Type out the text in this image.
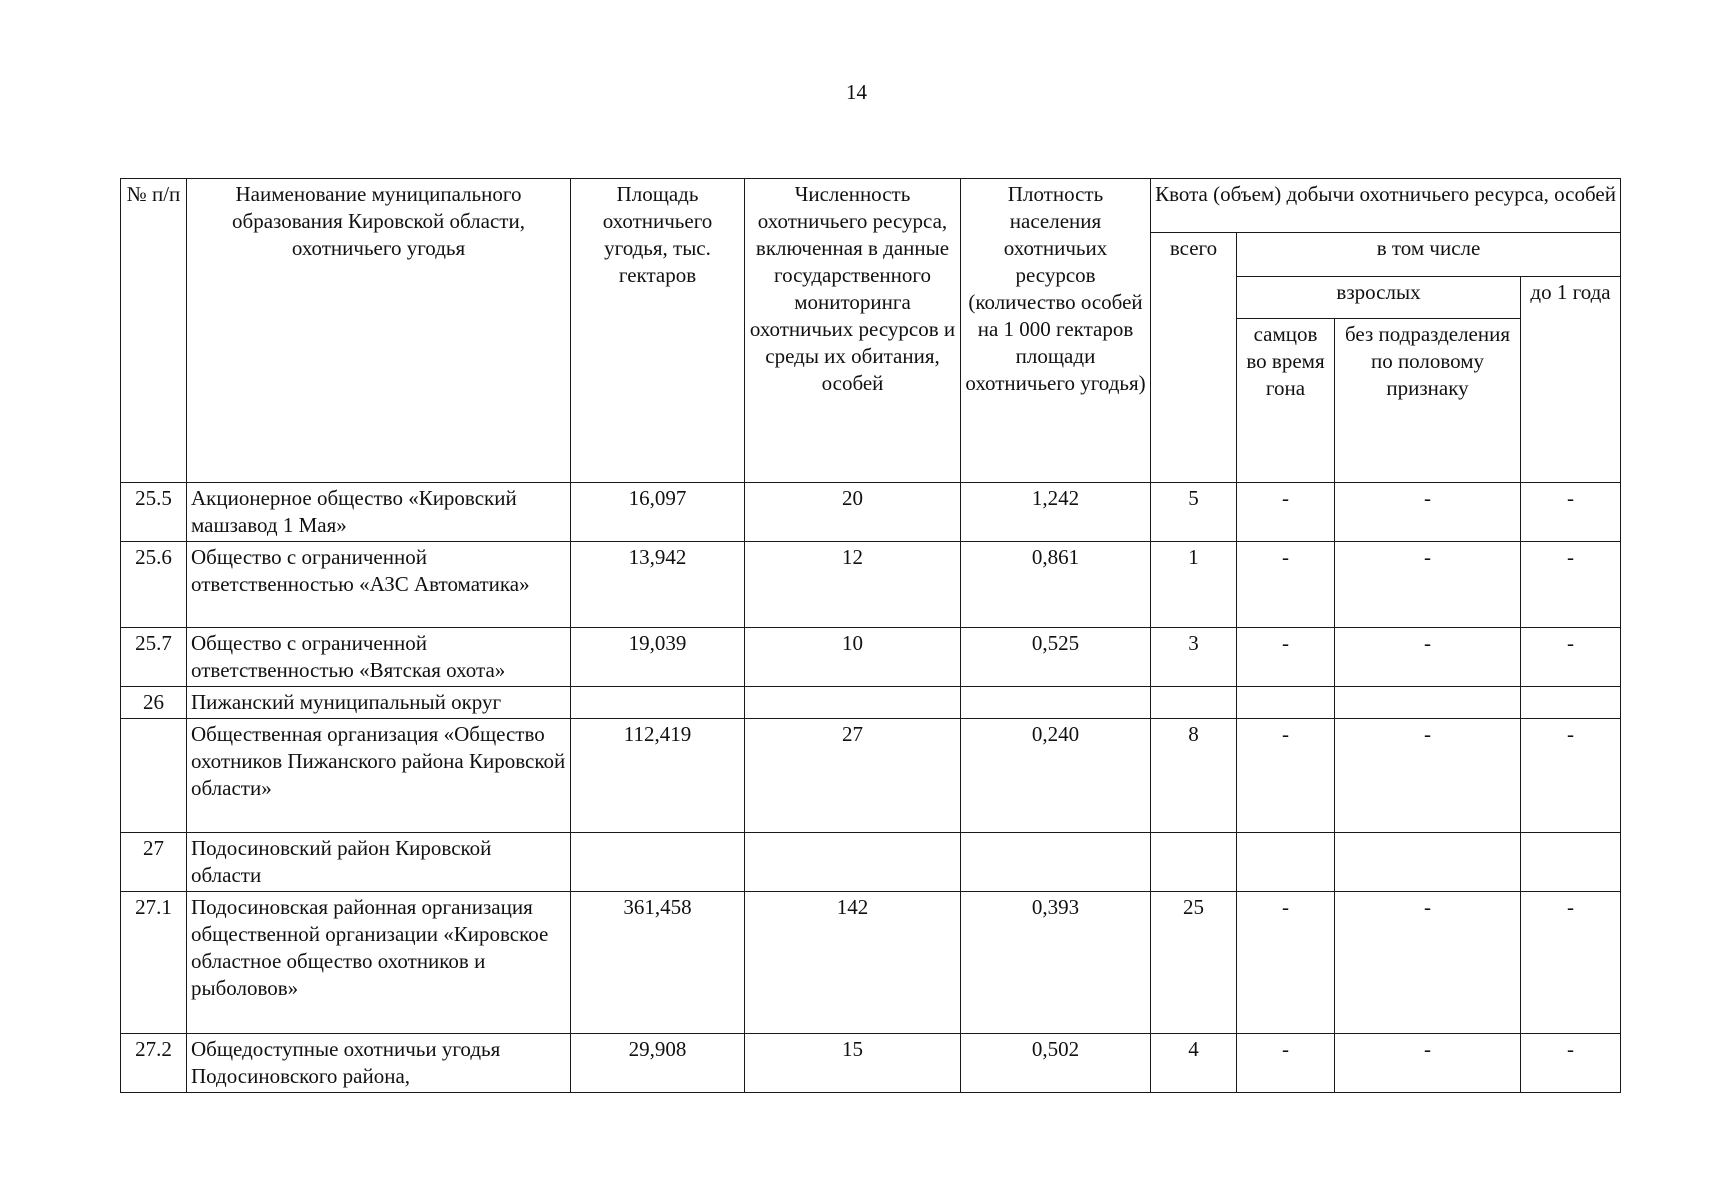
14
№ п/п	Наименование муниципального образования Кировской области, охотничьего угодья	Площадь охотничьего угодья, тыс. гектаров	Численность охотничьего ресурса, включенная в данные государственного мониторинга охотничьих ресурсов и среды их обитания, особей	Плотность населения охотничьих ресурсов (количество особей на 1 000 гектаров площади охотничьего угодья)	Квота (объем) добычи охотничьего ресурса, особей			
					всего	в том числе		
						взрослых		до 1 года
						самцов во время гона	без подразделения по половому признаку	
25.5	Акционерное общество «Кировский машзавод 1 Мая»	16,097	20	1,242	5	-	-	-
25.6	Общество с ограниченной ответственностью «АЗС Автоматика»	13,942	12	0,861	1	-	-	-
25.7	Общество с ограниченной ответственностью «Вятская охота»	19,039	10	0,525	3	-	-	-
26	Пижанский муниципальный округ							
	Общественная организация «Общество охотников Пижанского района Кировской области»	112,419	27	0,240	8	-	-	-
27	Подосиновский район Кировской области							
27.1	Подосиновская районная организация общественной организации «Кировское областное общество охотников и рыболовов»	361,458	142	0,393	25	-	-	-
27.2	Общедоступные охотничьи угодья Подосиновского района,	29,908	15	0,502	4	-	-	-
